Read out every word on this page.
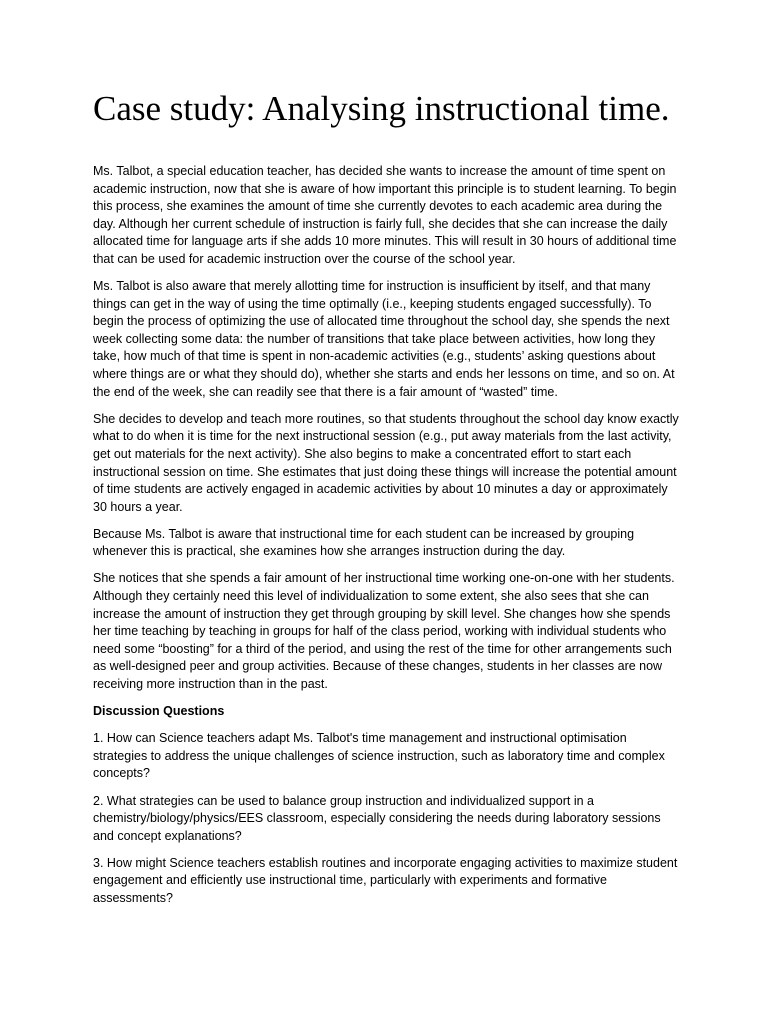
Case study: Analysing instructional time.

Ms. Talbot, a special education teacher, has decided she wants to increase the amount of time spent on academic instruction, now that she is aware of how important this principle is to student learning. To begin this process, she examines the amount of time she currently devotes to each academic area during the day. Although her current schedule of instruction is fairly full, she decides that she can increase the daily allocated time for language arts if she adds 10 more minutes. This will result in 30 hours of additional time that can be used for academic instruction over the course of the school year.

Ms. Talbot is also aware that merely allotting time for instruction is insufficient by itself, and that many things can get in the way of using the time optimally (i.e., keeping students engaged successfully). To begin the process of optimizing the use of allocated time throughout the school day, she spends the next week collecting some data: the number of transitions that take place between activities, how long they take, how much of that time is spent in non-academic activities (e.g., students’ asking questions about where things are or what they should do), whether she starts and ends her lessons on time, and so on. At the end of the week, she can readily see that there is a fair amount of “wasted” time.

She decides to develop and teach more routines, so that students throughout the school day know exactly what to do when it is time for the next instructional session (e.g., put away materials from the last activity, get out materials for the next activity). She also begins to make a concentrated effort to start each instructional session on time. She estimates that just doing these things will increase the potential amount of time students are actively engaged in academic activities by about 10 minutes a day or approximately 30 hours a year.

Because Ms. Talbot is aware that instructional time for each student can be increased by grouping whenever this is practical, she examines how she arranges instruction during the day.

She notices that she spends a fair amount of her instructional time working one-on-one with her students. Although they certainly need this level of individualization to some extent, she also sees that she can increase the amount of instruction they get through grouping by skill level. She changes how she spends her time teaching by teaching in groups for half of the class period, working with individual students who need some “boosting” for a third of the period, and using the rest of the time for other arrangements such as well-designed peer and group activities. Because of these changes, students in her classes are now receiving more instruction than in the past.

Discussion Questions

1. How can Science teachers adapt Ms. Talbot's time management and instructional optimisation strategies to address the unique challenges of science instruction, such as laboratory time and complex concepts?

2. What strategies can be used to balance group instruction and individualized support in a chemistry/biology/physics/EES classroom, especially considering the needs during laboratory sessions and concept explanations?

3. How might Science teachers establish routines and incorporate engaging activities to maximize student engagement and efficiently use instructional time, particularly with experiments and formative assessments?
